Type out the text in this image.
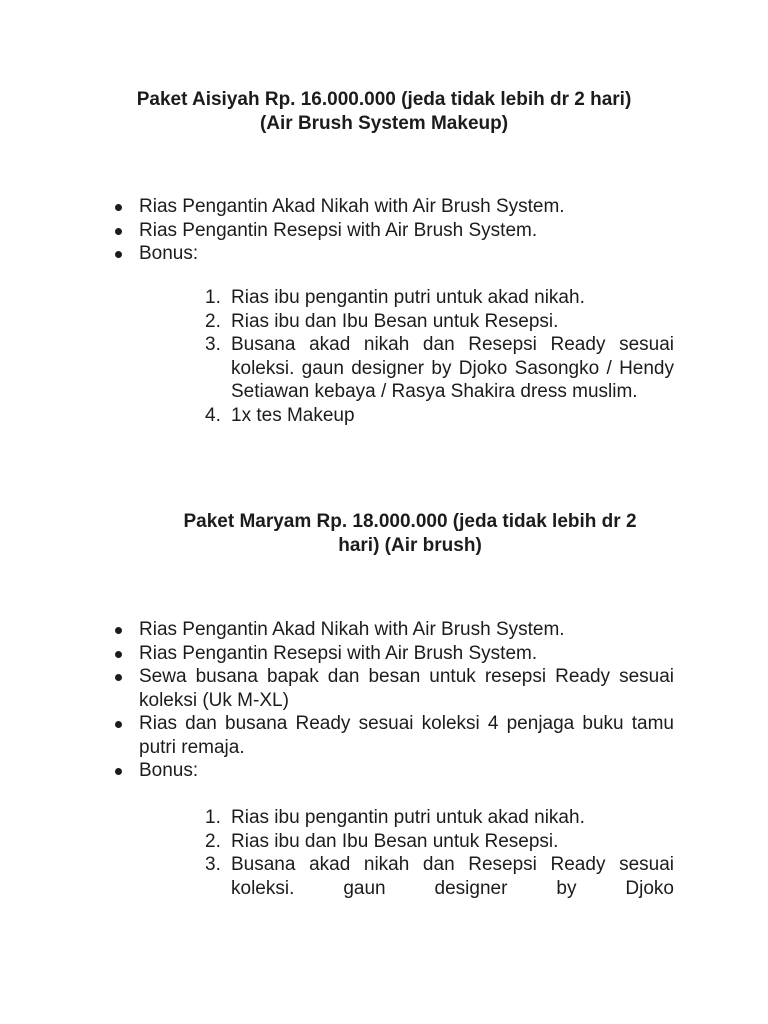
Paket Aisiyah Rp. 16.000.000 (jeda tidak lebih dr 2 hari)
(Air Brush System Makeup)
Rias Pengantin Akad Nikah with Air Brush System.
Rias Pengantin Resepsi with Air Brush System.
Bonus:
1. Rias ibu pengantin putri untuk akad nikah.
2. Rias ibu dan Ibu Besan untuk Resepsi.
3. Busana akad nikah dan Resepsi Ready sesuai koleksi. gaun designer by Djoko Sasongko / Hendy Setiawan kebaya / Rasya Shakira dress muslim.
4. 1x tes Makeup
Paket Maryam Rp. 18.000.000 (jeda tidak lebih dr 2
hari) (Air brush)
Rias Pengantin Akad Nikah with Air Brush System.
Rias Pengantin Resepsi with Air Brush System.
Sewa busana bapak dan besan untuk resepsi Ready sesuai koleksi (Uk M-XL)
Rias dan busana Ready sesuai koleksi 4 penjaga buku tamu putri remaja.
Bonus:
1. Rias ibu pengantin putri untuk akad nikah.
2. Rias ibu dan Ibu Besan untuk Resepsi.
3. Busana akad nikah dan Resepsi Ready sesuai koleksi. gaun designer by Djoko
